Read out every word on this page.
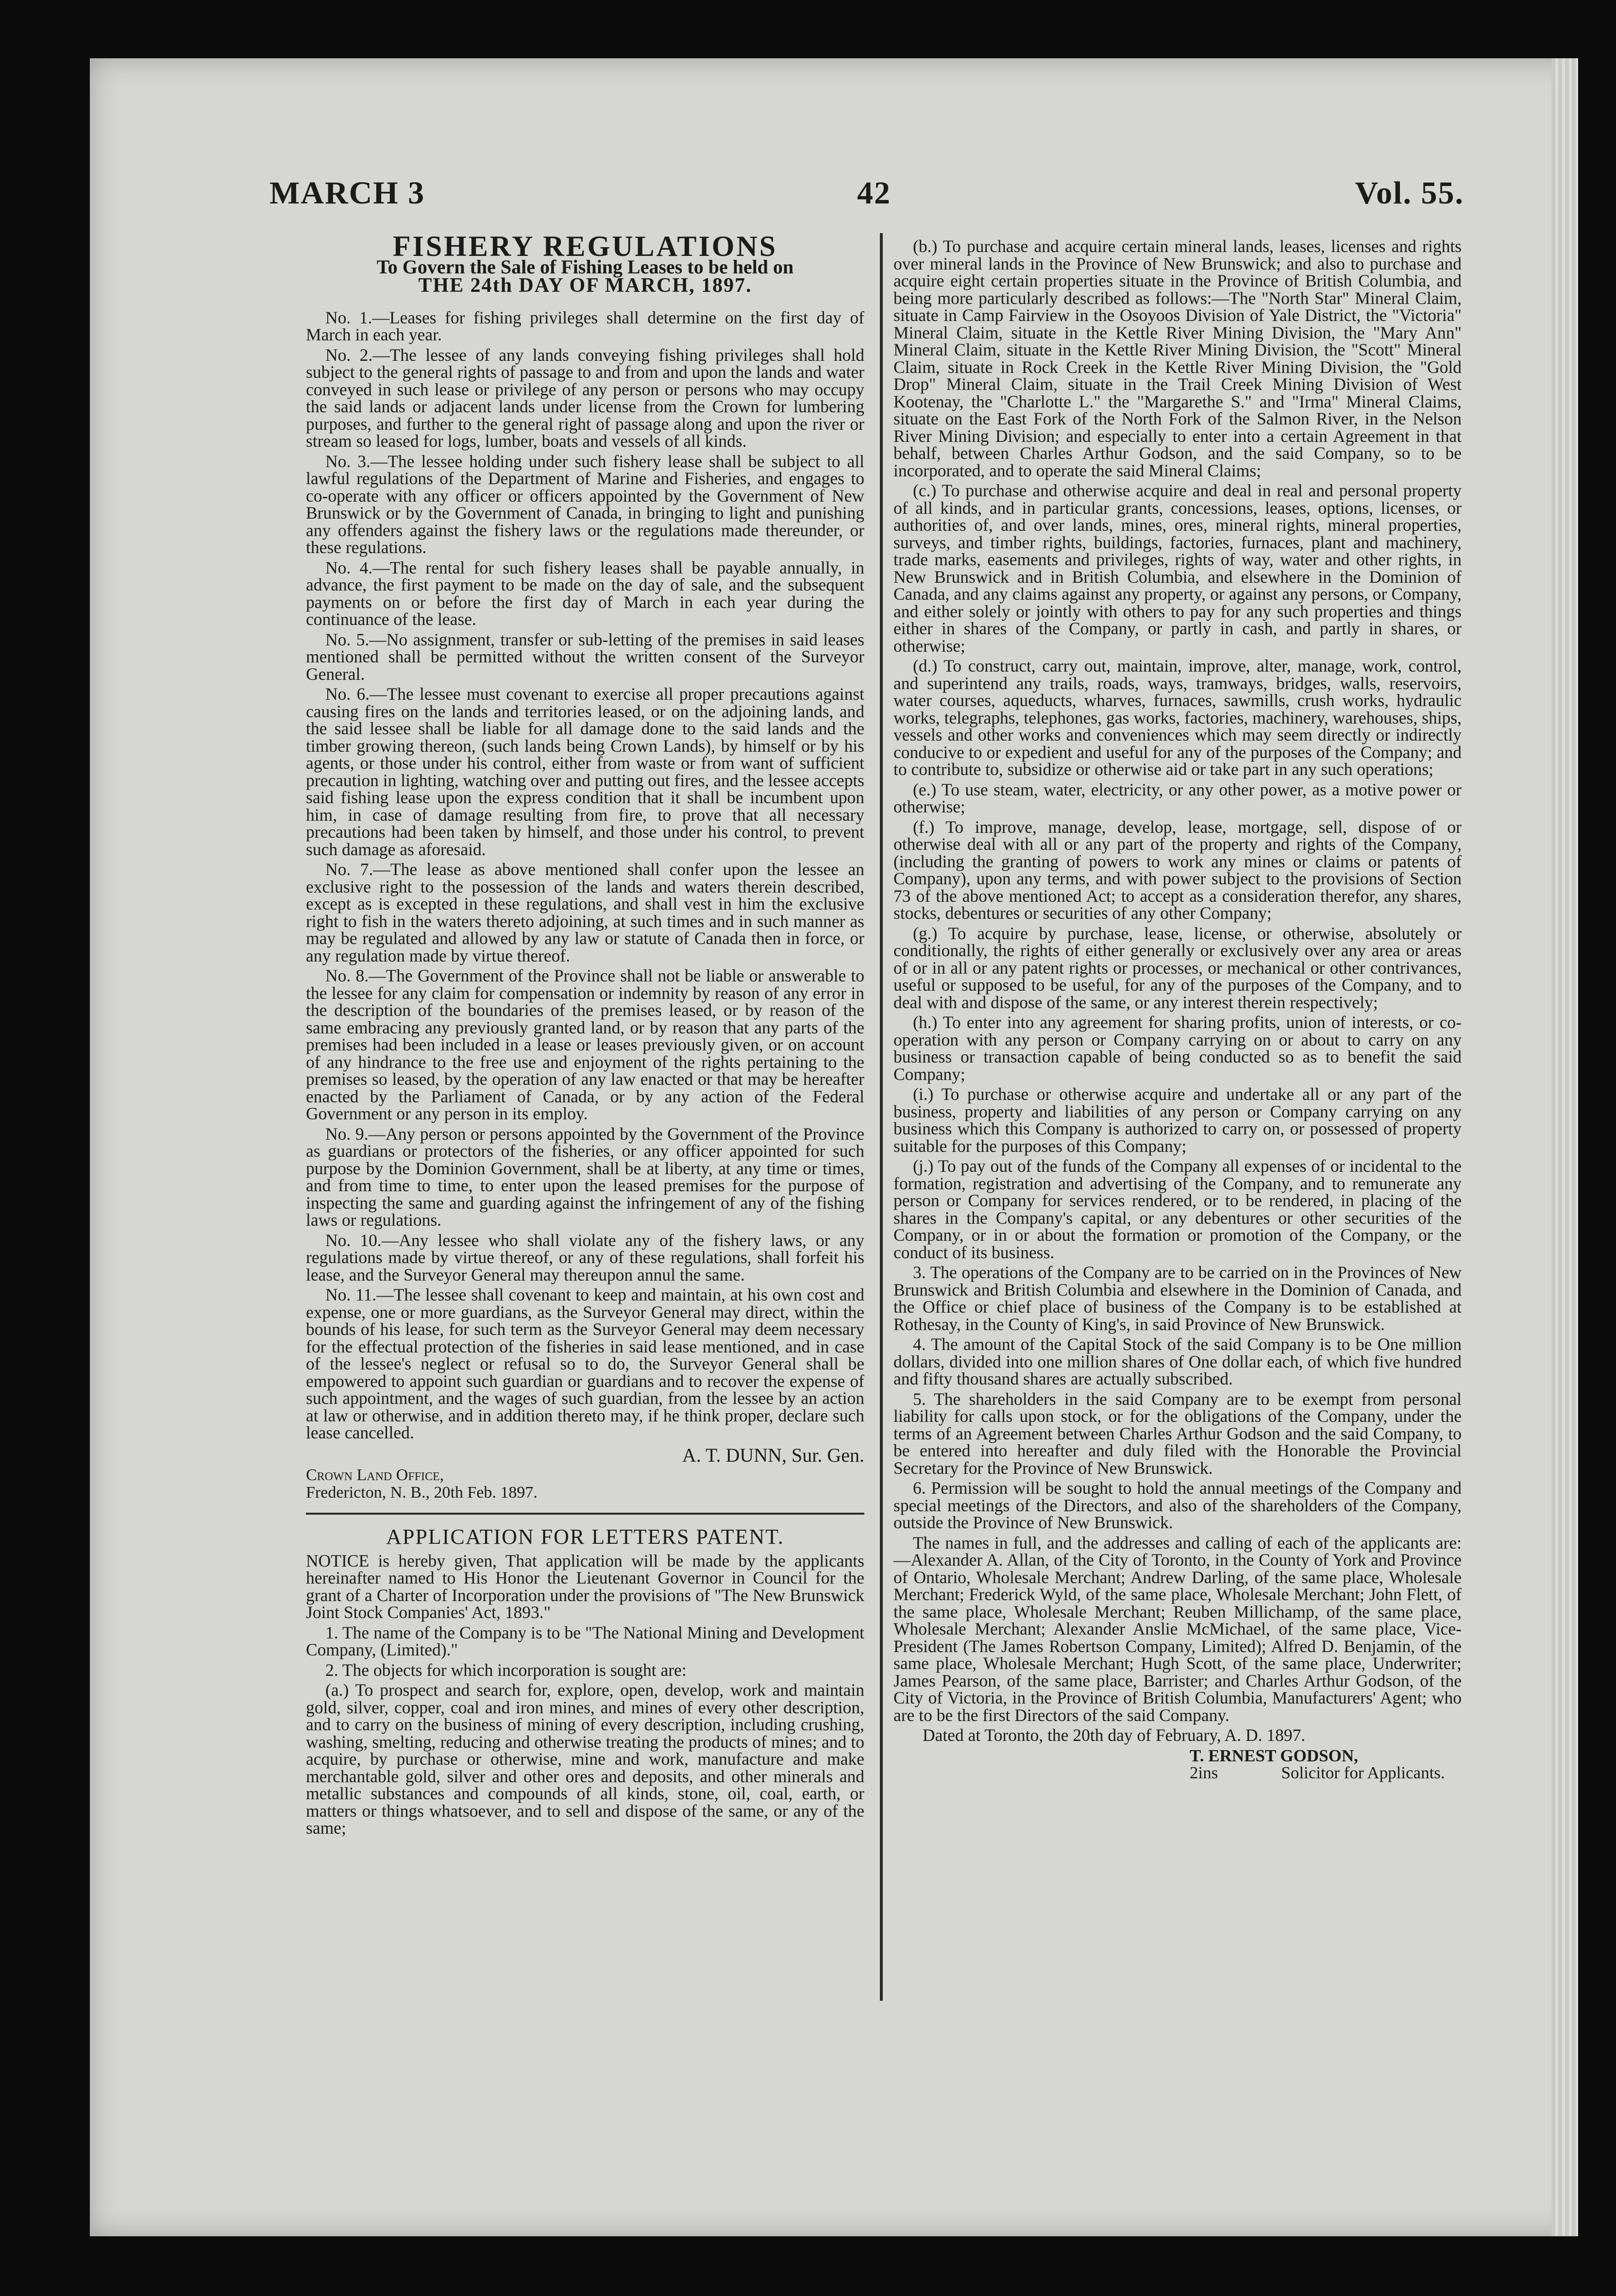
MARCH 3	42	Vol. 55.

FISHERY REGULATIONS

To Govern the Sale of Fishing Leases to be held on

THE 24th DAY OF MARCH, 1897.

No. 1.—Leases for fishing privileges shall determine on the first day of March in each year.

No. 2.—The lessee of any lands conveying fishing privileges shall hold subject to the general rights of passage to and from and upon the lands and water conveyed in such lease or privilege of any person or persons who may occupy the said lands or adjacent lands under license from the Crown for lumbering purposes, and further to the general right of passage along and upon the river or stream so leased for logs, lumber, boats and vessels of all kinds.

No. 3.—The lessee holding under such fishery lease shall be subject to all lawful regulations of the Department of Marine and Fisheries, and engages to co-operate with any officer or officers appointed by the Government of New Brunswick or by the Government of Canada, in bringing to light and punishing any offenders against the fishery laws or the regulations made thereunder, or these regulations.

No. 4.—The rental for such fishery leases shall be payable annually, in advance, the first payment to be made on the day of sale, and the subsequent payments on or before the first day of March in each year during the continuance of the lease.

No. 5.—No assignment, transfer or sub-letting of the premises in said leases mentioned shall be permitted without the written consent of the Surveyor General.

No. 6.—The lessee must covenant to exercise all proper precautions against causing fires on the lands and territories leased, or on the adjoining lands, and the said lessee shall be liable for all damage done to the said lands and the timber growing thereon, (such lands being Crown Lands), by himself or by his agents, or those under his control, either from waste or from want of sufficient precaution in lighting, watching over and putting out fires, and the lessee accepts said fishing lease upon the express condition that it shall be incumbent upon him, in case of damage resulting from fire, to prove that all necessary precautions had been taken by himself, and those under his control, to prevent such damage as aforesaid.

No. 7.—The lease as above mentioned shall confer upon the lessee an exclusive right to the possession of the lands and waters therein described, except as is excepted in these regulations, and shall vest in him the exclusive right to fish in the waters thereto adjoining, at such times and in such manner as may be regulated and allowed by any law or statute of Canada then in force, or any regulation made by virtue thereof.

No. 8.—The Government of the Province shall not be liable or answerable to the lessee for any claim for compensation or indemnity by reason of any error in the description of the boundaries of the premises leased, or by reason of the same embracing any previously granted land, or by reason that any parts of the premises had been included in a lease or leases previously given, or on account of any hindrance to the free use and enjoyment of the rights pertaining to the premises so leased, by the operation of any law enacted or that may be hereafter enacted by the Parliament of Canada, or by any action of the Federal Government or any person in its employ.

No. 9.—Any person or persons appointed by the Government of the Province as guardians or protectors of the fisheries, or any officer appointed for such purpose by the Dominion Government, shall be at liberty, at any time or times, and from time to time, to enter upon the leased premises for the purpose of inspecting the same and guarding against the infringement of any of the fishing laws or regulations.

No. 10.—Any lessee who shall violate any of the fishery laws, or any regulations made by virtue thereof, or any of these regulations, shall forfeit his lease, and the Surveyor General may thereupon annul the same.

No. 11.—The lessee shall covenant to keep and maintain, at his own cost and expense, one or more guardians, as the Surveyor General may direct, within the bounds of his lease, for such term as the Surveyor General may deem necessary for the effectual protection of the fisheries in said lease mentioned, and in case of the lessee's neglect or refusal so to do, the Surveyor General shall be empowered to appoint such guardian or guardians and to recover the expense of such appointment, and the wages of such guardian, from the lessee by an action at law or otherwise, and in addition thereto may, if he think proper, declare such lease cancelled.

A. T. DUNN, Sur. Gen.

Crown Land Office,

Fredericton, N. B., 20th Feb. 1897.

APPLICATION FOR LETTERS PATENT.

NOTICE is hereby given, That application will be made by the applicants hereinafter named to His Honor the Lieutenant Governor in Council for the grant of a Charter of Incorporation under the provisions of "The New Brunswick Joint Stock Companies' Act, 1893."

1. The name of the Company is to be "The National Mining and Development Company, (Limited)."

2. The objects for which incorporation is sought are:

(a.) To prospect and search for, explore, open, develop, work and maintain gold, silver, copper, coal and iron mines, and mines of every other description, and to carry on the business of mining of every description, including crushing, washing, smelting, reducing and otherwise treating the products of mines; and to acquire, by purchase or otherwise, mine and work, manufacture and make merchantable gold, silver and other ores and deposits, and other minerals and metallic substances and compounds of all kinds, stone, oil, coal, earth, or matters or things whatsoever, and to sell and dispose of the same, or any of the same;

(b.) To purchase and acquire certain mineral lands, leases, licenses and rights over mineral lands in the Province of New Brunswick; and also to purchase and acquire eight certain properties situate in the Province of British Columbia, and being more particularly described as follows:—The "North Star" Mineral Claim, situate in Camp Fairview in the Osoyoos Division of Yale District, the "Victoria" Mineral Claim, situate in the Kettle River Mining Division, the "Mary Ann" Mineral Claim, situate in the Kettle River Mining Division, the "Scott" Mineral Claim, situate in Rock Creek in the Kettle River Mining Division, the "Gold Drop" Mineral Claim, situate in the Trail Creek Mining Division of West Kootenay, the "Charlotte L." the "Margarethe S." and "Irma" Mineral Claims, situate on the East Fork of the North Fork of the Salmon River, in the Nelson River Mining Division; and especially to enter into a certain Agreement in that behalf, between Charles Arthur Godson, and the said Company, so to be incorporated, and to operate the said Mineral Claims;

(c.) To purchase and otherwise acquire and deal in real and personal property of all kinds, and in particular grants, concessions, leases, options, licenses, or authorities of, and over lands, mines, ores, mineral rights, mineral properties, surveys, and timber rights, buildings, factories, furnaces, plant and machinery, trade marks, easements and privileges, rights of way, water and other rights, in New Brunswick and in British Columbia, and elsewhere in the Dominion of Canada, and any claims against any property, or against any persons, or Company, and either solely or jointly with others to pay for any such properties and things either in shares of the Company, or partly in cash, and partly in shares, or otherwise;

(d.) To construct, carry out, maintain, improve, alter, manage, work, control, and superintend any trails, roads, ways, tramways, bridges, walls, reservoirs, water courses, aqueducts, wharves, furnaces, sawmills, crush works, hydraulic works, telegraphs, telephones, gas works, factories, machinery, warehouses, ships, vessels and other works and conveniences which may seem directly or indirectly conducive to or expedient and useful for any of the purposes of the Company; and to contribute to, subsidize or otherwise aid or take part in any such operations;

(e.) To use steam, water, electricity, or any other power, as a motive power or otherwise;

(f.) To improve, manage, develop, lease, mortgage, sell, dispose of or otherwise deal with all or any part of the property and rights of the Company, (including the granting of powers to work any mines or claims or patents of Company), upon any terms, and with power subject to the provisions of Section 73 of the above mentioned Act; to accept as a consideration therefor, any shares, stocks, debentures or securities of any other Company;

(g.) To acquire by purchase, lease, license, or otherwise, absolutely or conditionally, the rights of either generally or exclusively over any area or areas of or in all or any patent rights or processes, or mechanical or other contrivances, useful or supposed to be useful, for any of the purposes of the Company, and to deal with and dispose of the same, or any interest therein respectively;

(h.) To enter into any agreement for sharing profits, union of interests, or co-operation with any person or Company carrying on or about to carry on any business or transaction capable of being conducted so as to benefit the said Company;

(i.) To purchase or otherwise acquire and undertake all or any part of the business, property and liabilities of any person or Company carrying on any business which this Company is authorized to carry on, or possessed of property suitable for the purposes of this Company;

(j.) To pay out of the funds of the Company all expenses of or incidental to the formation, registration and advertising of the Company, and to remunerate any person or Company for services rendered, or to be rendered, in placing of the shares in the Company's capital, or any debentures or other securities of the Company, or in or about the formation or promotion of the Company, or the conduct of its business.

3. The operations of the Company are to be carried on in the Provinces of New Brunswick and British Columbia and elsewhere in the Dominion of Canada, and the Office or chief place of business of the Company is to be established at Rothesay, in the County of King's, in said Province of New Brunswick.

4. The amount of the Capital Stock of the said Company is to be One million dollars, divided into one million shares of One dollar each, of which five hundred and fifty thousand shares are actually subscribed.

5. The shareholders in the said Company are to be exempt from personal liability for calls upon stock, or for the obligations of the Company, under the terms of an Agreement between Charles Arthur Godson and the said Company, to be entered into hereafter and duly filed with the Honorable the Provincial Secretary for the Province of New Brunswick.

6. Permission will be sought to hold the annual meetings of the Company and special meetings of the Directors, and also of the shareholders of the Company, outside the Province of New Brunswick.

The names in full, and the addresses and calling of each of the applicants are:—Alexander A. Allan, of the City of Toronto, in the County of York and Province of Ontario, Wholesale Merchant; Andrew Darling, of the same place, Wholesale Merchant; Frederick Wyld, of the same place, Wholesale Merchant; John Flett, of the same place, Wholesale Merchant; Reuben Millichamp, of the same place, Wholesale Merchant; Alexander Anslie McMichael, of the same place, Vice-President (The James Robertson Company, Limited); Alfred D. Benjamin, of the same place, Wholesale Merchant; Hugh Scott, of the same place, Underwriter; James Pearson, of the same place, Barrister; and Charles Arthur Godson, of the City of Victoria, in the Province of British Columbia, Manufacturers' Agent; who are to be the first Directors of the said Company.

Dated at Toronto, the 20th day of February, A. D. 1897.

T. ERNEST GODSON,

2ins	Solicitor for Applicants.
